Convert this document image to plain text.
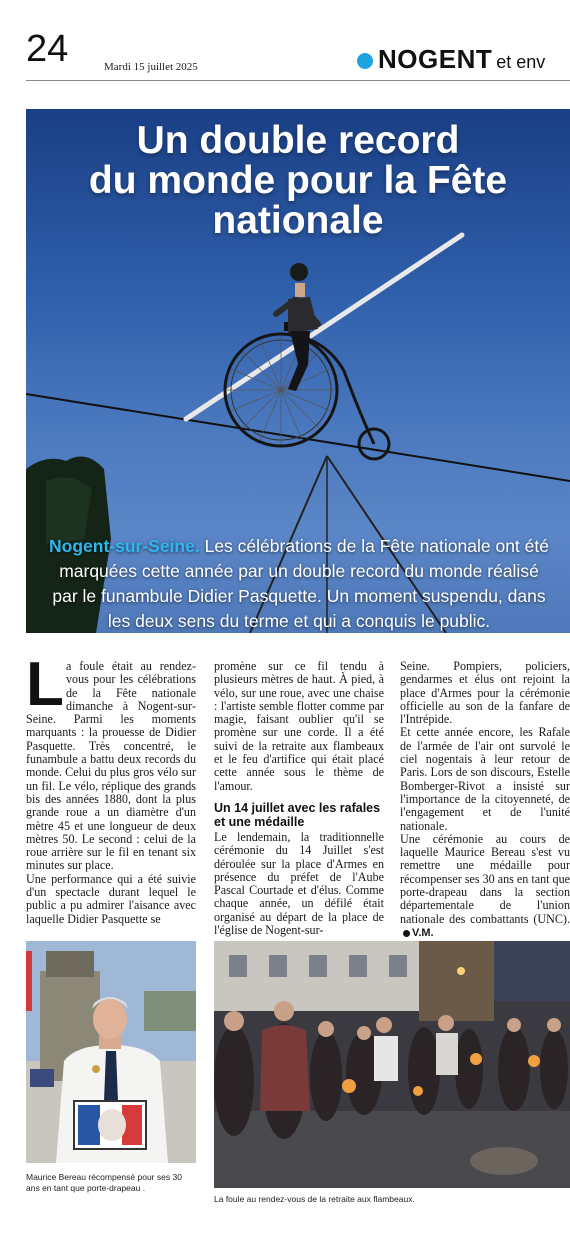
24	Mardi 15 juillet 2025	NOGENT et env
Un double record
du monde pour la Fête
nationale

Nogent-sur-Seine. Les célébrations de la Fête nationale ont été
marquées cette année par un double record du monde réalisé
par le funambule Didier Pasquette. Un moment suspendu, dans
les deux sens du terme et qui a conquis le public.

La foule était au rendez-vous pour les célébrations de la Fête nationale dimanche à Nogent-sur-Seine. Parmi les moments marquants : la prouesse de Didier Pasquette. Très concentré, le funambule a battu deux records du monde. Celui du plus gros vélo sur un fil. Le vélo, réplique des grands bis des années 1880, dont la plus grande roue a un diamètre d'un mètre 45 et une longueur de deux mètres 50. Le second : celui de la roue arrière sur le fil en tenant six minutes sur place.

Une performance qui a été suivie d'un spectacle durant lequel le public a pu admirer l'aisance avec laquelle Didier Pasquette se

promène sur ce fil tendu à plusieurs mètres de haut. À pied, à vélo, sur une roue, avec une chaise : l'artiste semble flotter comme par magie, faisant oublier qu'il se promène sur une corde. Il a été suivi de la retraite aux flambeaux et le feu d'artifice qui était placé cette année sous le thème de l'amour.

Un 14 juillet avec les rafales et une médaille

Le lendemain, la traditionnelle cérémonie du 14 Juillet s'est déroulée sur la place d'Armes en présence du préfet de l'Aube Pascal Courtade et d'élus. Comme chaque année, un défilé était organisé au départ de la place de l'église de Nogent-sur-

Seine. Pompiers, policiers, gendarmes et élus ont rejoint la place d'Armes pour la cérémonie officielle au son de la fanfare de l'Intrépide.

Et cette année encore, les Rafale de l'armée de l'air ont survolé le ciel nogentais à leur retour de Paris. Lors de son discours, Estelle Bomberger-Rivot a insisté sur l'importance de la citoyenneté, de l'engagement et de l'unité nationale.

Une cérémonie au cours de laquelle Maurice Bereau s'est vu remettre une médaille pour récompenser ses 30 ans en tant que porte-drapeau dans la section départementale de l'union nationale des combattants (UNC).V.M.

Maurice Bereau récompensé pour ses 30 ans en tant que porte-drapeau .
La foule au rendez-vous de la retraite aux flambeaux.
